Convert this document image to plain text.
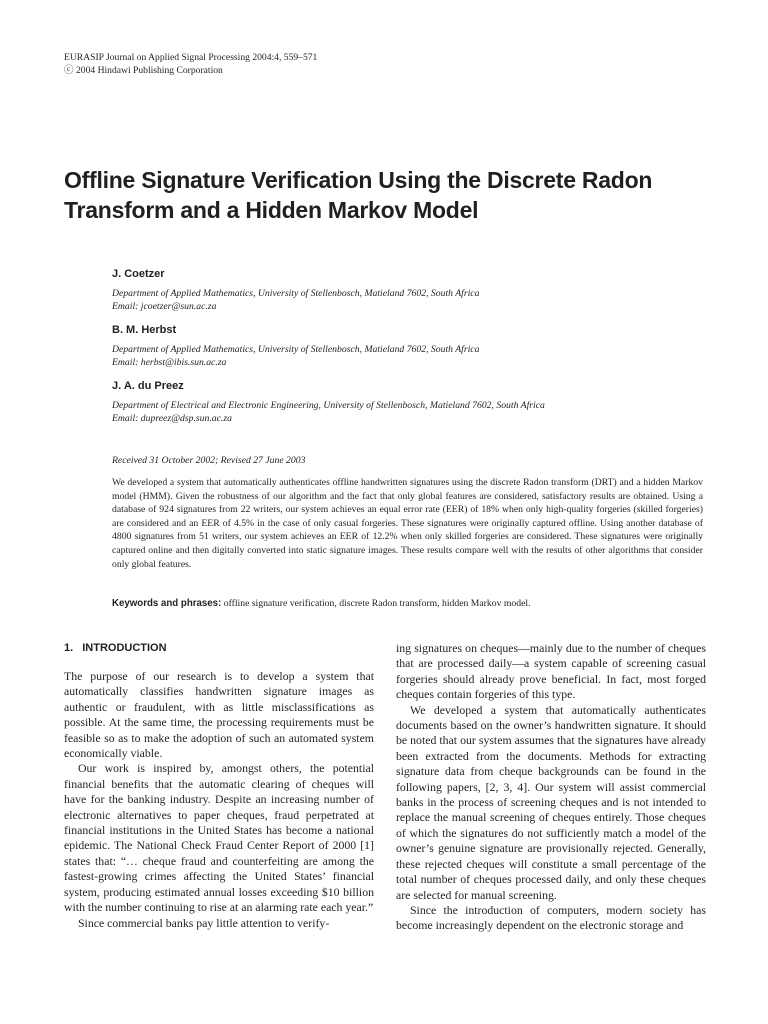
EURASIP Journal on Applied Signal Processing 2004:4, 559–571
ⓒ 2004 Hindawi Publishing Corporation
Offline Signature Verification Using the Discrete Radon
Transform and a Hidden Markov Model
J. Coetzer
Department of Applied Mathematics, University of Stellenbosch, Matieland 7602, South Africa
Email: jcoetzer@sun.ac.za
B. M. Herbst
Department of Applied Mathematics, University of Stellenbosch, Matieland 7602, South Africa
Email: herbst@ibis.sun.ac.za
J. A. du Preez
Department of Electrical and Electronic Engineering, University of Stellenbosch, Matieland 7602, South Africa
Email: dupreez@dsp.sun.ac.za
Received 31 October 2002; Revised 27 June 2003

We developed a system that automatically authenticates offline handwritten signatures using the discrete Radon transform (DRT) and a hidden Markov model (HMM). Given the robustness of our algorithm and the fact that only global features are considered, satisfactory results are obtained. Using a database of 924 signatures from 22 writers, our system achieves an equal error rate (EER) of 18% when only high-quality forgeries (skilled forgeries) are considered and an EER of 4.5% in the case of only casual forgeries. These signatures were originally captured offline. Using another database of 4800 signatures from 51 writers, our system achieves an EER of 12.2% when only skilled forgeries are considered. These signatures were originally captured online and then digitally converted into static signature images. These results compare well with the results of other algorithms that consider only global features.

Keywords and phrases: offline signature verification, discrete Radon transform, hidden Markov model.
1. INTRODUCTION

The purpose of our research is to develop a system that automatically classifies handwritten signature images as authentic or fraudulent, with as little misclassifications as possible. At the same time, the processing requirements must be feasible so as to make the adoption of such an automated system economically viable.

Our work is inspired by, amongst others, the potential financial benefits that the automatic clearing of cheques will have for the banking industry. Despite an increasing number of electronic alternatives to paper cheques, fraud perpetrated at financial institutions in the United States has become a national epidemic. The National Check Fraud Center Report of 2000 [1] states that: “… cheque fraud and counterfeiting are among the fastest-growing crimes affecting the United States’ financial system, producing estimated annual losses exceeding $10 billion with the number continuing to rise at an alarming rate each year.”

Since commercial banks pay little attention to verify-

ing signatures on cheques—mainly due to the number of cheques that are processed daily—a system capable of screening casual forgeries should already prove beneficial. In fact, most forged cheques contain forgeries of this type.

We developed a system that automatically authenticates documents based on the owner’s handwritten signature. It should be noted that our system assumes that the signatures have already been extracted from the documents. Methods for extracting signature data from cheque backgrounds can be found in the following papers, [2, 3, 4]. Our system will assist commercial banks in the process of screening cheques and is not intended to replace the manual screening of cheques entirely. Those cheques of which the signatures do not sufficiently match a model of the owner’s genuine signature are provisionally rejected. Generally, these rejected cheques will constitute a small percentage of the total number of cheques processed daily, and only these cheques are selected for manual screening.

Since the introduction of computers, modern society has become increasingly dependent on the electronic storage and
